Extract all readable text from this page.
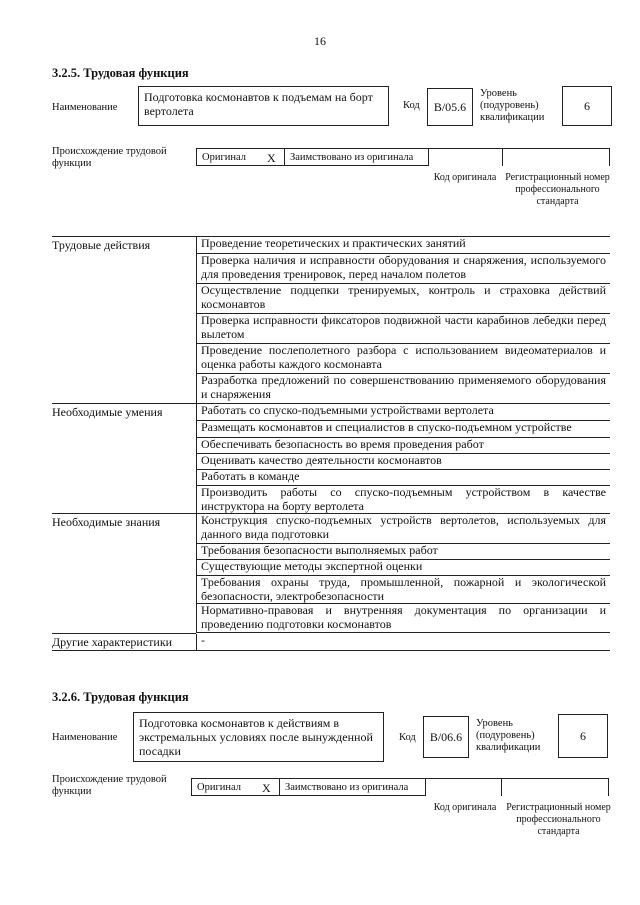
16
3.2.5. Трудовая функция
Наименование
Подготовка космонавтов к подъемам на борт вертолета	Код	B/05.6
Уровень (подуровень) квалификации
6
Происхождение трудовой функции
Оригинал X	Заимствовано из оригинала
Код оригинала Регистрационный номер профессионального стандарта
Трудовые действия	Проведение теоретических и практических занятий
Проверка наличия и исправности оборудования и снаряжения, используемого для проведения тренировок, перед началом полетов
Осуществление подцепки тренируемых, контроль и страховка действий космонавтов
Проверка исправности фиксаторов подвижной части карабинов лебедки перед вылетом
Проведение послеполетного разбора с использованием видеоматериалов и оценка работы каждого космонавта
Разработка предложений по совершенствованию применяемого оборудования и снаряжения
Необходимые умения	Работать со спуско-подъемными устройствами вертолета
Размещать космонавтов и специалистов в спуско-подъемном устройстве
Обеспечивать безопасность во время проведения работ
Оценивать качество деятельности космонавтов
Работать в команде
Производить работы со спуско-подъемным устройством в качестве инструктора на борту вертолета
Необходимые знания	Конструкция спуско-подъемных устройств вертолетов, используемых для данного вида подготовки
Требования безопасности выполняемых работ
Существующие методы экспертной оценки
Требования охраны труда, промышленной, пожарной и экологической безопасности, электробезопасности
Нормативно-правовая и внутренняя документация по организации и проведению подготовки космонавтов
Другие характеристики	-
3.2.6. Трудовая функция
Наименование
Подготовка космонавтов к действиям в экстремальных условиях после вынужденной посадки
Код	B/06.6
Уровень (подуровень) квалификации
6
Происхождение трудовой функции	Оригинал X	Заимствовано из оригинала
Код оригинала Регистрационный номер профессионального стандарта
